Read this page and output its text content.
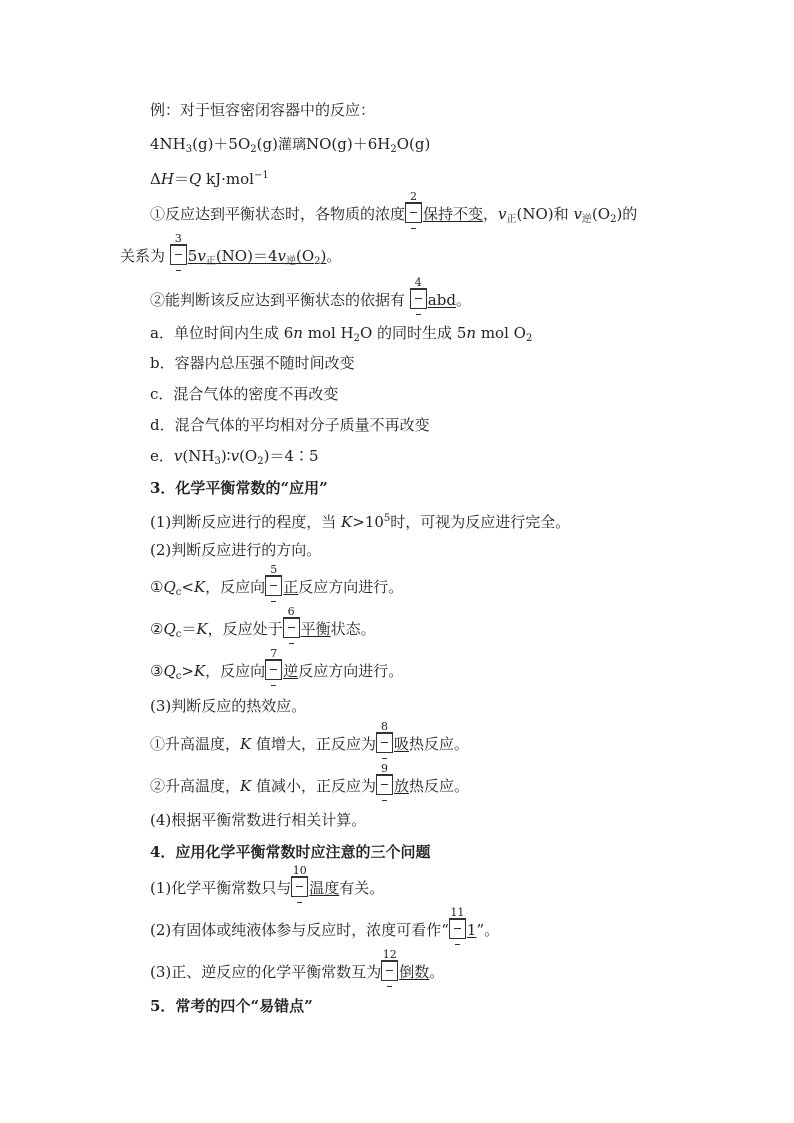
例：对于恒容密闭容器中的反应：
$4NH_3(g)+5O_2(g)$灌璃$NO(g)+6H_2O(g)$
ΔH＝Q kJ·mol$^{-1}$
①反应达到平衡状态时，各物质的浓度
2
保持不变，$v_正(NO)$和 $v_逆(O_2)$的
关系为
3
$5v_正(NO)=4v_逆(O_2)$。
②能判断该反应达到平衡状态的依据有
4
abd。
a．单位时间内生成 6n mol $H_2O$ 的同时生成 5n mol $O_2$
b．容器内总压强不随时间改变
c．混合气体的密度不再改变
d．混合气体的平均相对分子质量不再改变
e．$v(NH_3)∶v(O_2)=4∶5$
3．化学平衡常数的“应用”
(1)判断反应进行的程度，当 $K>10^5$时，可视为反应进行完全。
(2)判断反应进行的方向。
$①Q_c<K$，反应向
5
正反应方向进行。
$②Q_c=K$，反应处于
6
平衡状态。
$③Q_c>K$，反应向
7
逆反应方向进行。
(3)判断反应的热效应。
①升高温度，K 值增大，正反应为
8
吸热反应。
②升高温度，K 值减小，正反应为
9
放热反应。
(4)根据平衡常数进行相关计算。
4．应用化学平衡常数时应注意的三个问题
(1)化学平衡常数只与
10
温度有关。
(2)有固体或纯液体参与反应时，浓度可看作“
11
1”。
(3)正、逆反应的化学平衡常数互为
12
倒数。
5．常考的四个“易错点”
